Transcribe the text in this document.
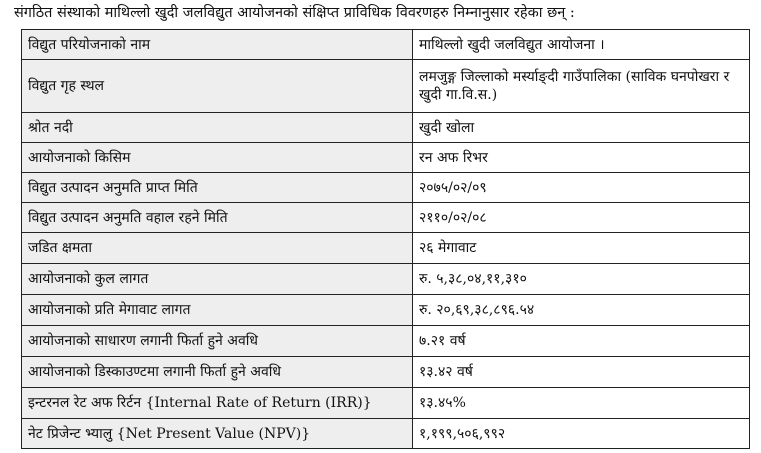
संगठित संस्थाको माथिल्लो खुदी जलविद्युत आयोजनको संक्षिप्त प्राविधिक विवरणहरु निम्नानुसार रहेका छन् :
विद्युत परियोजनाको नाम	माथिल्लो खुदी जलविद्युत आयोजना ।
विद्युत गृह स्थल	लमजुङ्ग जिल्लाको मर्स्याङ्दी गाउँपालिका (साविक घनपोखरा र खुदी गा.वि.स.)
श्रोत नदी	खुदी खोला
आयोजनाको किसिम	रन अफ रिभर
विद्युत उत्पादन अनुमति प्राप्त मिति	२०७५/०२/०९
विद्युत उत्पादन अनुमति वहाल रहने मिति	२११०/०२/०८
जडित क्षमता	२६ मेगावाट
आयोजनाको कुल लागत	रु. ५,३८,०४,११,३१०
आयोजनाको प्रति मेगावाट लागत	रु. २०,६९,३८,८९६.५४
आयोजनाको साधारण लगानी फिर्ता हुने अवधि	७.२१ वर्ष
आयोजनाको डिस्काउण्टमा लगानी फिर्ता हुने अवधि	१३.४२ वर्ष
इन्टरनल रेट अफ रिर्टन {Internal Rate of Return (IRR)}	१३.४५%
नेट प्रिजेन्ट भ्यालु {Net Present Value (NPV)}	१,१९९,५०६,९९२
